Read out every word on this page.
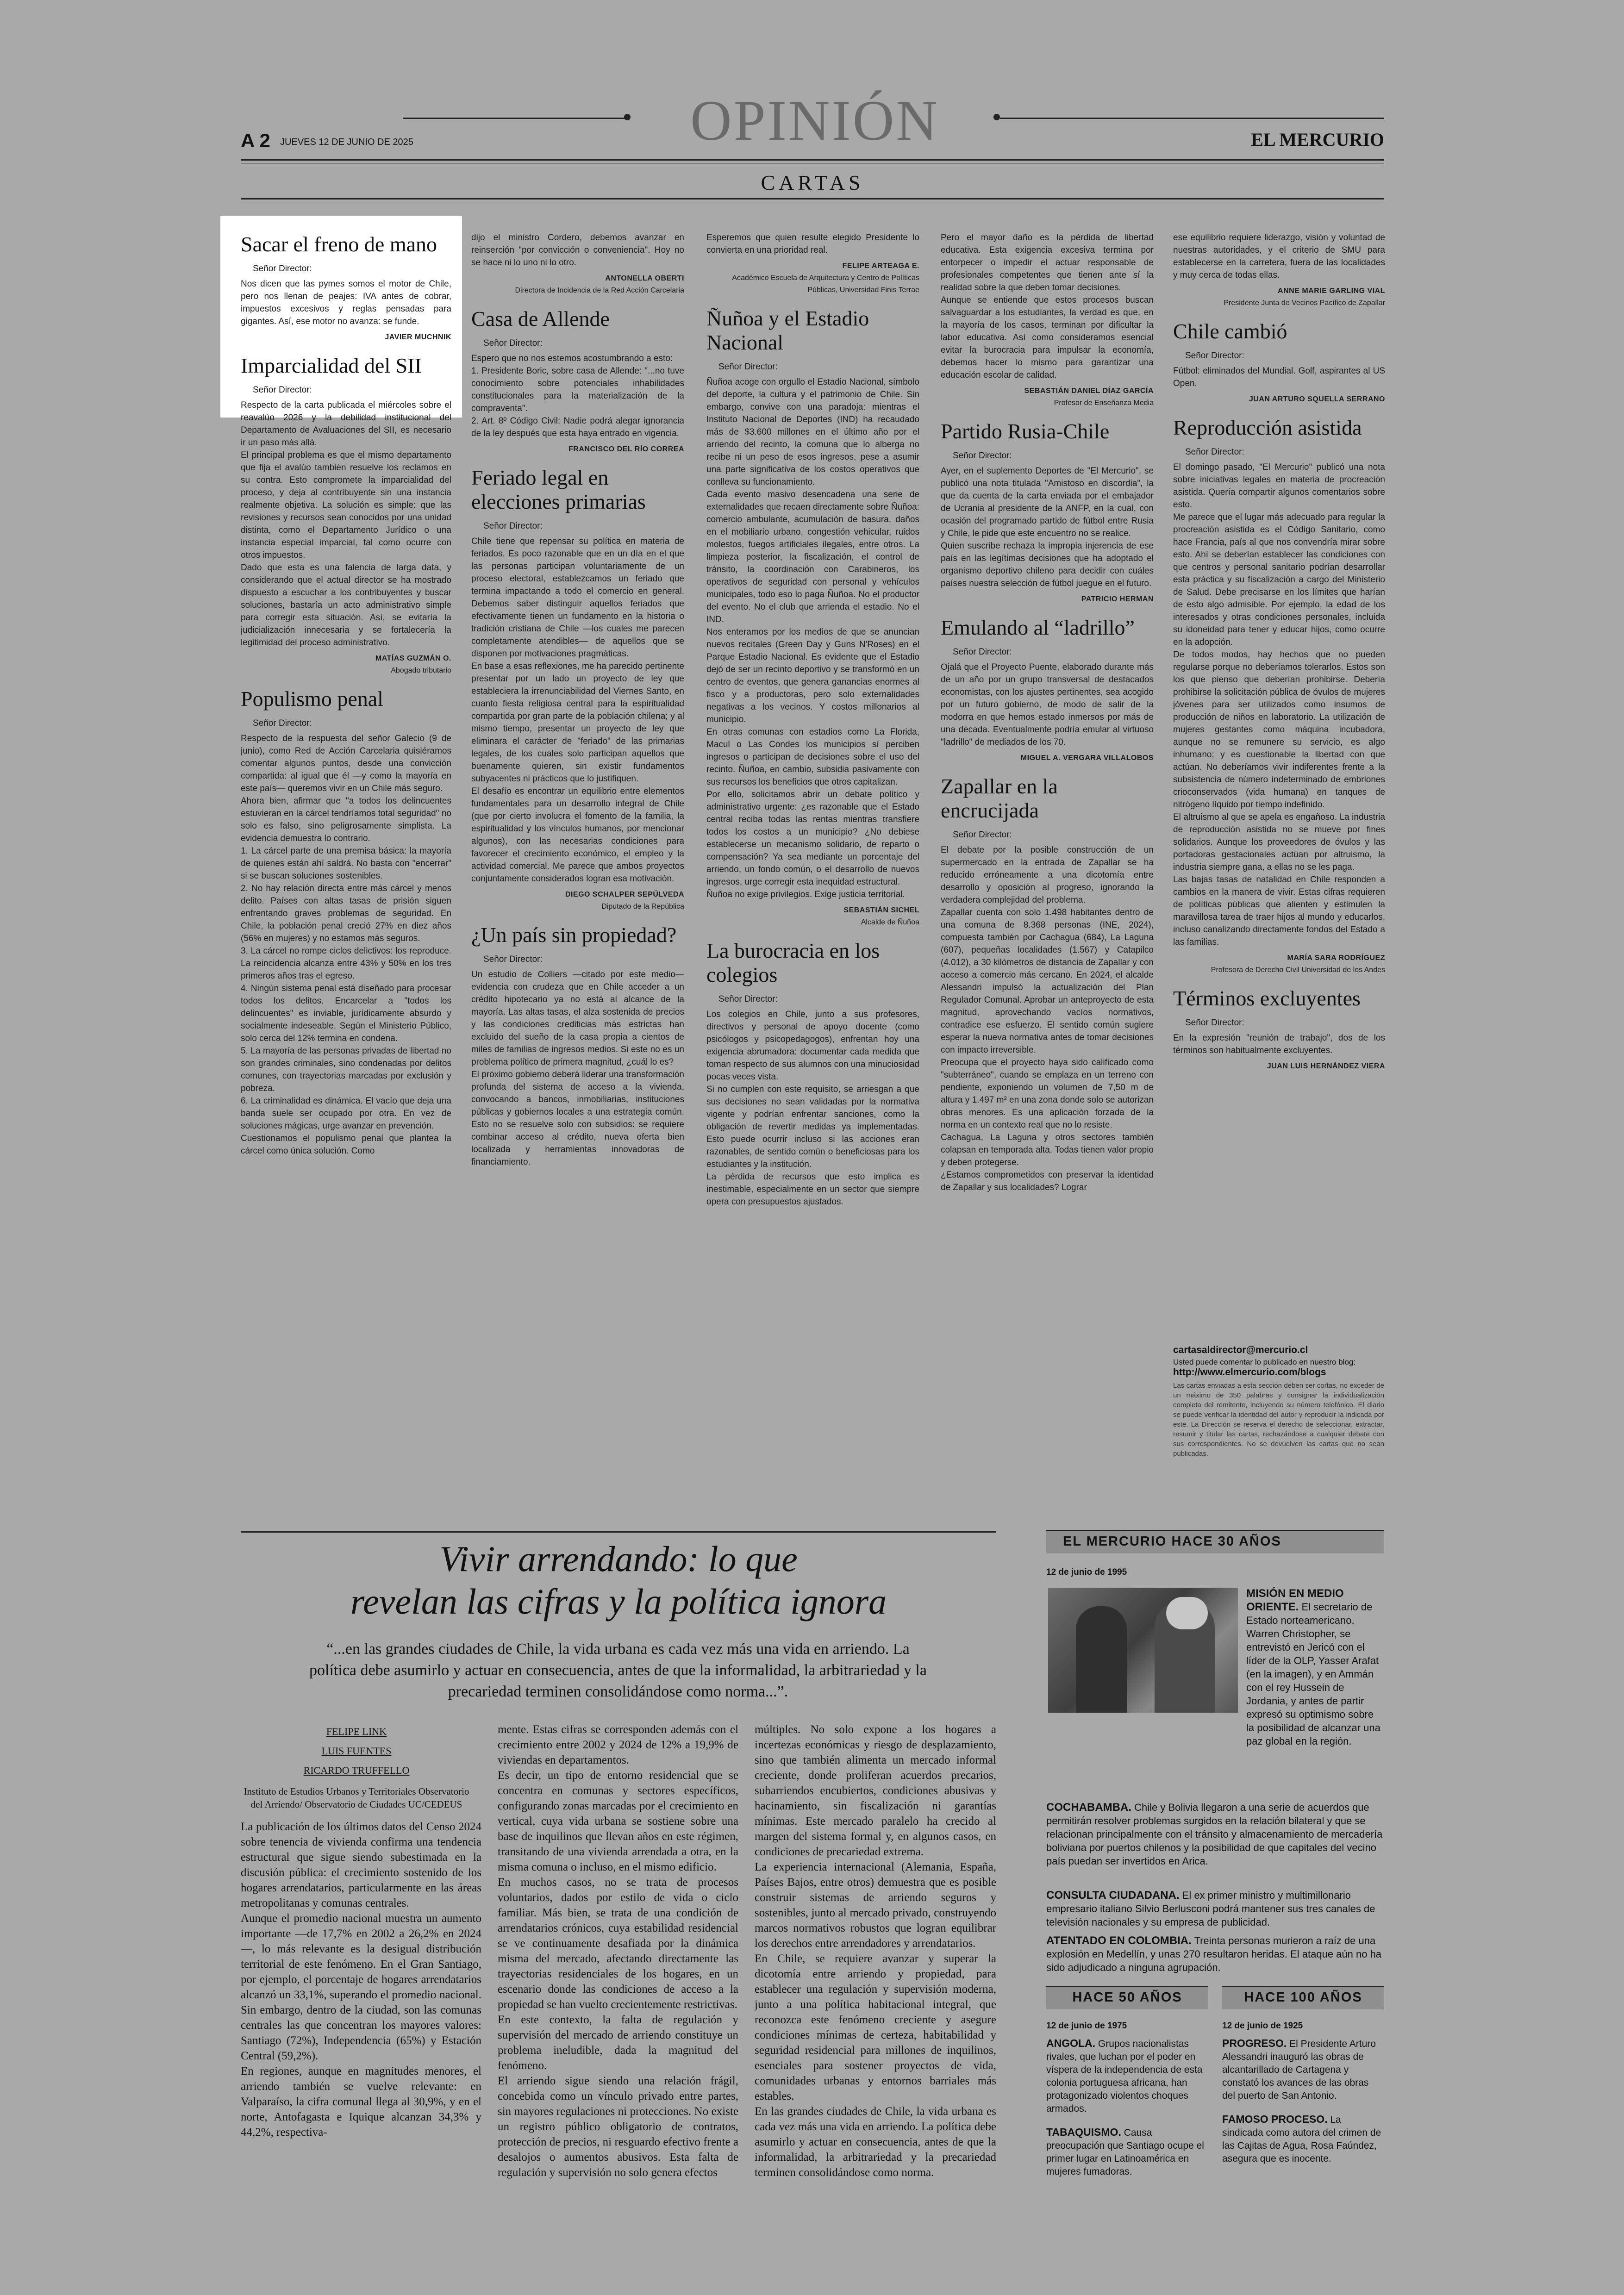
A 2 JUEVES 12 DE JUNIO DE 2025	OPINIÓN	EL MERCURIO
CARTAS
Sacar el freno de mano
Señor Director:
Nos dicen que las pymes somos el motor de Chile, pero nos llenan de peajes: IVA antes de cobrar, impuestos excesivos y reglas pensadas para gigantes. Así, ese motor no avanza: se funde.
JAVIER MUCHNIK
Imparcialidad del SII
Señor Director:
Respecto de la carta publicada el miércoles sobre el reavalúo 2026 y la debilidad institucional del Departamento de Avaluaciones del SII, es necesario ir un paso más allá.
El principal problema es que el mismo departamento que fija el avalúo también resuelve los reclamos en su contra. Esto compromete la imparcialidad del proceso, y deja al contribuyente sin una instancia realmente objetiva. La solución es simple: que las revisiones y recursos sean conocidos por una unidad distinta, como el Departamento Jurídico o una instancia especial imparcial, tal como ocurre con otros impuestos.
Dado que esta es una falencia de larga data, y considerando que el actual director se ha mostrado dispuesto a escuchar a los contribuyentes y buscar soluciones, bastaría un acto administrativo simple para corregir esta situación. Así, se evitaría la judicialización innecesaria y se fortalecería la legitimidad del proceso administrativo.
MATÍAS GUZMÁN O.
Abogado tributario
Populismo penal
Señor Director:
Respecto de la respuesta del señor Galecio (9 de junio), como Red de Acción Carcelaria quisiéramos comentar algunos puntos, desde una convicción compartida: al igual que él —y como la mayoría en este país— queremos vivir en un Chile más seguro.
Ahora bien, afirmar que "a todos los delincuentes estuvieran en la cárcel tendríamos total seguridad" no solo es falso, sino peligrosamente simplista. La evidencia demuestra lo contrario.
1. La cárcel parte de una premisa básica: la mayoría de quienes están ahí saldrá. No basta con "encerrar" si se buscan soluciones sostenibles.
2. No hay relación directa entre más cárcel y menos delito. Países con altas tasas de prisión siguen enfrentando graves problemas de seguridad. En Chile, la población penal creció 27% en diez años (56% en mujeres) y no estamos más seguros.
3. La cárcel no rompe ciclos delictivos: los reproduce. La reincidencia alcanza entre 43% y 50% en los tres primeros años tras el egreso.
4. Ningún sistema penal está diseñado para procesar todos los delitos. Encarcelar a "todos los delincuentes" es inviable, jurídicamente absurdo y socialmente indeseable. Según el Ministerio Público, solo cerca del 12% termina en condena.
5. La mayoría de las personas privadas de libertad no son grandes criminales, sino condenadas por delitos comunes, con trayectorias marcadas por exclusión y pobreza.
6. La criminalidad es dinámica. El vacío que deja una banda suele ser ocupado por otra. En vez de soluciones mágicas, urge avanzar en prevención.
Cuestionamos el populismo penal que plantea la cárcel como única solución. Como
dijo el ministro Cordero, debemos avanzar en reinserción "por convicción o conveniencia". Hoy no se hace ni lo uno ni lo otro.
ANTONELLA OBERTI
Directora de Incidencia de la Red Acción Carcelaria
Casa de Allende
Señor Director:
Espero que no nos estemos acostumbrando a esto:
1. Presidente Boric, sobre casa de Allende: "...no tuve conocimiento sobre potenciales inhabilidades constitucionales para la materialización de la compraventa".
2. Art. 8º Código Civil: Nadie podrá alegar ignorancia de la ley después que esta haya entrado en vigencia.
FRANCISCO DEL RÍO CORREA
Feriado legal en elecciones primarias
Señor Director:
Chile tiene que repensar su política en materia de feriados. Es poco razonable que en un día en el que las personas participan voluntariamente de un proceso electoral, establezcamos un feriado que termina impactando a todo el comercio en general. Debemos saber distinguir aquellos feriados que efectivamente tienen un fundamento en la historia o tradición cristiana de Chile —los cuales me parecen completamente atendibles— de aquellos que se disponen por motivaciones pragmáticas.
En base a esas reflexiones, me ha parecido pertinente presentar por un lado un proyecto de ley que estableciera la irrenunciabilidad del Viernes Santo, en cuanto fiesta religiosa central para la espiritualidad compartida por gran parte de la población chilena; y al mismo tiempo, presentar un proyecto de ley que eliminara el carácter de "feriado" de las primarias legales, de los cuales solo participan aquellos que buenamente quieren, sin existir fundamentos subyacentes ni prácticos que lo justifiquen.
El desafío es encontrar un equilibrio entre elementos fundamentales para un desarrollo integral de Chile (que por cierto involucra el fomento de la familia, la espiritualidad y los vínculos humanos, por mencionar algunos), con las necesarias condiciones para favorecer el crecimiento económico, el empleo y la actividad comercial. Me parece que ambos proyectos conjuntamente considerados logran esa motivación.
DIEGO SCHALPER SEPÚLVEDA
Diputado de la República
¿Un país sin propiedad?
Señor Director:
Un estudio de Colliers —citado por este medio— evidencia con crudeza que en Chile acceder a un crédito hipotecario ya no está al alcance de la mayoría. Las altas tasas, el alza sostenida de precios y las condiciones crediticias más estrictas han excluido del sueño de la casa propia a cientos de miles de familias de ingresos medios. Si este no es un problema político de primera magnitud, ¿cuál lo es?
El próximo gobierno deberá liderar una transformación profunda del sistema de acceso a la vivienda, convocando a bancos, inmobiliarias, instituciones públicas y gobiernos locales a una estrategia común. Esto no se resuelve solo con subsidios: se requiere combinar acceso al crédito, nueva oferta bien localizada y herramientas innovadoras de financiamiento.
Esperemos que quien resulte elegido Presidente lo convierta en una prioridad real.
FELIPE ARTEAGA E.
Académico Escuela de Arquitectura y Centro de Políticas Públicas, Universidad Finis Terrae
Ñuñoa y el Estadio Nacional
Señor Director:
Ñuñoa acoge con orgullo el Estadio Nacional, símbolo del deporte, la cultura y el patrimonio de Chile. Sin embargo, convive con una paradoja: mientras el Instituto Nacional de Deportes (IND) ha recaudado más de $3.600 millones en el último año por el arriendo del recinto, la comuna que lo alberga no recibe ni un peso de esos ingresos, pese a asumir una parte significativa de los costos operativos que conlleva su funcionamiento.
Cada evento masivo desencadena una serie de externalidades que recaen directamente sobre Ñuñoa: comercio ambulante, acumulación de basura, daños en el mobiliario urbano, congestión vehicular, ruidos molestos, fuegos artificiales ilegales, entre otros. La limpieza posterior, la fiscalización, el control de tránsito, la coordinación con Carabineros, los operativos de seguridad con personal y vehículos municipales, todo eso lo paga Ñuñoa. No el productor del evento. No el club que arrienda el estadio. No el IND.
Nos enteramos por los medios de que se anuncian nuevos recitales (Green Day y Guns N'Roses) en el Parque Estadio Nacional. Es evidente que el Estadio dejó de ser un recinto deportivo y se transformó en un centro de eventos, que genera ganancias enormes al fisco y a productoras, pero solo externalidades negativas a los vecinos. Y costos millonarios al municipio.
En otras comunas con estadios como La Florida, Macul o Las Condes los municipios sí perciben ingresos o participan de decisiones sobre el uso del recinto. Ñuñoa, en cambio, subsidia pasivamente con sus recursos los beneficios que otros capitalizan.
Por ello, solicitamos abrir un debate político y administrativo urgente: ¿es razonable que el Estado central reciba todas las rentas mientras transfiere todos los costos a un municipio? ¿No debiese establecerse un mecanismo solidario, de reparto o compensación? Ya sea mediante un porcentaje del arriendo, un fondo común, o el desarrollo de nuevos ingresos, urge corregir esta inequidad estructural.
Ñuñoa no exige privilegios. Exige justicia territorial.
SEBASTIÁN SICHEL
Alcalde de Ñuñoa
La burocracia en los colegios
Señor Director:
Los colegios en Chile, junto a sus profesores, directivos y personal de apoyo docente (como psicólogos y psicopedagogos), enfrentan hoy una exigencia abrumadora: documentar cada medida que toman respecto de sus alumnos con una minuciosidad pocas veces vista.
Si no cumplen con este requisito, se arriesgan a que sus decisiones no sean validadas por la normativa vigente y podrían enfrentar sanciones, como la obligación de revertir medidas ya implementadas. Esto puede ocurrir incluso si las acciones eran razonables, de sentido común o beneficiosas para los estudiantes y la institución.
La pérdida de recursos que esto implica es inestimable, especialmente en un sector que siempre opera con presupuestos ajustados.
Pero el mayor daño es la pérdida de libertad educativa. Esta exigencia excesiva termina por entorpecer o impedir el actuar responsable de profesionales competentes que tienen ante sí la realidad sobre la que deben tomar decisiones.
Aunque se entiende que estos procesos buscan salvaguardar a los estudiantes, la verdad es que, en la mayoría de los casos, terminan por dificultar la labor educativa. Así como consideramos esencial evitar la burocracia para impulsar la economía, debemos hacer lo mismo para garantizar una educación escolar de calidad.
SEBASTIÁN DANIEL DÍAZ GARCÍA
Profesor de Enseñanza Media
Partido Rusia-Chile
Señor Director:
Ayer, en el suplemento Deportes de "El Mercurio", se publicó una nota titulada "Amistoso en discordia", la que da cuenta de la carta enviada por el embajador de Ucrania al presidente de la ANFP, en la cual, con ocasión del programado partido de fútbol entre Rusia y Chile, le pide que este encuentro no se realice.
Quien suscribe rechaza la impropia injerencia de ese país en las legítimas decisiones que ha adoptado el organismo deportivo chileno para decidir con cuáles países nuestra selección de fútbol juegue en el futuro.
PATRICIO HERMAN
Emulando al “ladrillo”
Señor Director:
Ojalá que el Proyecto Puente, elaborado durante más de un año por un grupo transversal de destacados economistas, con los ajustes pertinentes, sea acogido por un futuro gobierno, de modo de salir de la modorra en que hemos estado inmersos por más de una década. Eventualmente podría emular al virtuoso "ladrillo" de mediados de los 70.
MIGUEL A. VERGARA VILLALOBOS
Zapallar en la encrucijada
Señor Director:
El debate por la posible construcción de un supermercado en la entrada de Zapallar se ha reducido erróneamente a una dicotomía entre desarrollo y oposición al progreso, ignorando la verdadera complejidad del problema.
Zapallar cuenta con solo 1.498 habitantes dentro de una comuna de 8.368 personas (INE, 2024), compuesta también por Cachagua (684), La Laguna (607), pequeñas localidades (1.567) y Catapilco (4.012), a 30 kilómetros de distancia de Zapallar y con acceso a comercio más cercano. En 2024, el alcalde Alessandri impulsó la actualización del Plan Regulador Comunal. Aprobar un anteproyecto de esta magnitud, aprovechando vacíos normativos, contradice ese esfuerzo. El sentido común sugiere esperar la nueva normativa antes de tomar decisiones con impacto irreversible.
Preocupa que el proyecto haya sido calificado como "subterráneo", cuando se emplaza en un terreno con pendiente, exponiendo un volumen de 7,50 m de altura y 1.497 m² en una zona donde solo se autorizan obras menores. Es una aplicación forzada de la norma en un contexto real que no lo resiste.
Cachagua, La Laguna y otros sectores también colapsan en temporada alta. Todas tienen valor propio y deben protegerse.
¿Estamos comprometidos con preservar la identidad de Zapallar y sus localidades? Lograr
ese equilibrio requiere liderazgo, visión y voluntad de nuestras autoridades, y el criterio de SMU para establecerse en la carretera, fuera de las localidades y muy cerca de todas ellas.
ANNE MARIE GARLING VIAL
Presidente Junta de Vecinos Pacífico de Zapallar
Chile cambió
Señor Director:
Fútbol: eliminados del Mundial. Golf, aspirantes al US Open.
JUAN ARTURO SQUELLA SERRANO
Reproducción asistida
Señor Director:
El domingo pasado, "El Mercurio" publicó una nota sobre iniciativas legales en materia de procreación asistida. Quería compartir algunos comentarios sobre esto.
Me parece que el lugar más adecuado para regular la procreación asistida es el Código Sanitario, como hace Francia, país al que nos convendría mirar sobre esto. Ahí se deberían establecer las condiciones con que centros y personal sanitario podrían desarrollar esta práctica y su fiscalización a cargo del Ministerio de Salud. Debe precisarse en los límites que harían de esto algo admisible. Por ejemplo, la edad de los interesados y otras condiciones personales, incluida su idoneidad para tener y educar hijos, como ocurre en la adopción.
De todos modos, hay hechos que no pueden regularse porque no deberíamos tolerarlos. Estos son los que pienso que deberían prohibirse. Debería prohibirse la solicitación pública de óvulos de mujeres jóvenes para ser utilizados como insumos de producción de niños en laboratorio. La utilización de mujeres gestantes como máquina incubadora, aunque no se remunere su servicio, es algo inhumano; y es cuestionable la libertad con que actúan. No deberíamos vivir indiferentes frente a la subsistencia de número indeterminado de embriones crioconservados (vida humana) en tanques de nitrógeno líquido por tiempo indefinido.
El altruismo al que se apela es engañoso. La industria de reproducción asistida no se mueve por fines solidarios. Aunque los proveedores de óvulos y las portadoras gestacionales actúan por altruismo, la industria siempre gana, a ellas no se les paga.
Las bajas tasas de natalidad en Chile responden a cambios en la manera de vivir. Estas cifras requieren de políticas públicas que alienten y estimulen la maravillosa tarea de traer hijos al mundo y educarlos, incluso canalizando directamente fondos del Estado a las familias.
MARÍA SARA RODRÍGUEZ
Profesora de Derecho Civil Universidad de los Andes
Términos excluyentes
Señor Director:
En la expresión "reunión de trabajo", dos de los términos son habitualmente excluyentes.
JUAN LUIS HERNÁNDEZ VIERA
cartasaldirector@mercurio.cl
Usted puede comentar lo publicado en nuestro blog:
http://www.elmercurio.com/blogs
Las cartas enviadas a esta sección deben ser cortas, no exceder de un máximo de 350 palabras y consignar la individualización completa del remitente, incluyendo su número telefónico. El diario se puede verificar la identidad del autor y reproducir la indicada por este. La Dirección se reserva el derecho de seleccionar, extractar, resumir y titular las cartas, rechazándose a cualquier debate con sus correspondientes. No se devuelven las cartas que no sean publicadas.
Vivir arrendando: lo que
revelan las cifras y la política ignora
“...en las grandes ciudades de Chile, la vida urbana es cada vez más una vida en arriendo. La política debe asumirlo y actuar en consecuencia, antes de que la informalidad, la arbitrariedad y la precariedad terminen consolidándose como norma...”.
FELIPE LINK
LUIS FUENTES
RICARDO TRUFFELLO
Instituto de Estudios Urbanos y Territoriales Observatorio del Arriendo/ Observatorio de Ciudades UC/CEDEUS
La publicación de los últimos datos del Censo 2024 sobre tenencia de vivienda confirma una tendencia estructural que sigue siendo subestimada en la discusión pública: el crecimiento sostenido de los hogares arrendatarios, particularmente en las áreas metropolitanas y comunas centrales.
Aunque el promedio nacional muestra un aumento importante —de 17,7% en 2002 a 26,2% en 2024—, lo más relevante es la desigual distribución territorial de este fenómeno. En el Gran Santiago, por ejemplo, el porcentaje de hogares arrendatarios alcanzó un 33,1%, superando el promedio nacional. Sin embargo, dentro de la ciudad, son las comunas centrales las que concentran los mayores valores: Santiago (72%), Independencia (65%) y Estación Central (59,2%).
En regiones, aunque en magnitudes menores, el arriendo también se vuelve relevante: en Valparaíso, la cifra comunal llega al 30,9%, y en el norte, Antofagasta e Iquique alcanzan 34,3% y 44,2%, respectiva-
mente. Estas cifras se corresponden además con el crecimiento entre 2002 y 2024 de 12% a 19,9% de viviendas en departamentos.
Es decir, un tipo de entorno residencial que se concentra en comunas y sectores específicos, configurando zonas marcadas por el crecimiento en vertical, cuya vida urbana se sostiene sobre una base de inquilinos que llevan años en este régimen, transitando de una vivienda arrendada a otra, en la misma comuna o incluso, en el mismo edificio.
En muchos casos, no se trata de procesos voluntarios, dados por estilo de vida o ciclo familiar. Más bien, se trata de una condición de arrendatarios crónicos, cuya estabilidad residencial se ve continuamente desafiada por la dinámica misma del mercado, afectando directamente las trayectorias residenciales de los hogares, en un escenario donde las condiciones de acceso a la propiedad se han vuelto crecientemente restrictivas.
En este contexto, la falta de regulación y supervisión del mercado de arriendo constituye un problema ineludible, dada la magnitud del fenómeno.
El arriendo sigue siendo una relación frágil, concebida como un vínculo privado entre partes, sin mayores regulaciones ni protecciones. No existe un registro público obligatorio de contratos, protección de precios, ni resguardo efectivo frente a desalojos o aumentos abusivos. Esta falta de regulación y supervisión no solo genera efectos
múltiples. No solo expone a los hogares a incertezas económicas y riesgo de desplazamiento, sino que también alimenta un mercado informal creciente, donde proliferan acuerdos precarios, subarriendos encubiertos, condiciones abusivas y hacinamiento, sin fiscalización ni garantías mínimas. Este mercado paralelo ha crecido al margen del sistema formal y, en algunos casos, en condiciones de precariedad extrema.
La experiencia internacional (Alemania, España, Países Bajos, entre otros) demuestra que es posible construir sistemas de arriendo seguros y sostenibles, junto al mercado privado, construyendo marcos normativos robustos que logran equilibrar los derechos entre arrendadores y arrendatarios.
En Chile, se requiere avanzar y superar la dicotomía entre arriendo y propiedad, para establecer una regulación y supervisión moderna, junto a una política habitacional integral, que reconozca este fenómeno creciente y asegure condiciones mínimas de certeza, habitabilidad y seguridad residencial para millones de inquilinos, esenciales para sostener proyectos de vida, comunidades urbanas y entornos barriales más estables.
En las grandes ciudades de Chile, la vida urbana es cada vez más una vida en arriendo. La política debe asumirlo y actuar en consecuencia, antes de que la informalidad, la arbitrariedad y la precariedad terminen consolidándose como norma.
EL MERCURIO HACE 30 AÑOS
12 de junio de 1995
MISIÓN EN MEDIO ORIENTE. El secretario de Estado norteamericano, Warren Christopher, se entrevistó en Jericó con el líder de la OLP, Yasser Arafat (en la imagen), y en Ammán con el rey Hussein de Jordania, y antes de partir expresó su optimismo sobre la posibilidad de alcanzar una paz global en la región.
COCHABAMBA. Chile y Bolivia llegaron a una serie de acuerdos que permitirán resolver problemas surgidos en la relación bilateral y que se relacionan principalmente con el tránsito y almacenamiento de mercadería boliviana por puertos chilenos y la posibilidad de que capitales del vecino país puedan ser invertidos en Arica.
CONSULTA CIUDADANA. El ex primer ministro y multimillonario empresario italiano Silvio Berlusconi podrá mantener sus tres canales de televisión nacionales y su empresa de publicidad.
ATENTADO EN COLOMBIA. Treinta personas murieron a raíz de una explosión en Medellín, y unas 270 resultaron heridas. El ataque aún no ha sido adjudicado a ninguna agrupación.
HACE 50 AÑOS
12 de junio de 1975
ANGOLA. Grupos nacionalistas rivales, que luchan por el poder en víspera de la independencia de esta colonia portuguesa africana, han protagonizado violentos choques armados.
TABAQUISMO. Causa preocupación que Santiago ocupe el primer lugar en Latinoamérica en mujeres fumadoras.
HACE 100 AÑOS
12 de junio de 1925
PROGRESO. El Presidente Arturo Alessandri inauguró las obras de alcantarillado de Cartagena y constató los avances de las obras del puerto de San Antonio.
FAMOSO PROCESO. La sindicada como autora del crimen de las Cajitas de Agua, Rosa Faúndez, asegura que es inocente.
